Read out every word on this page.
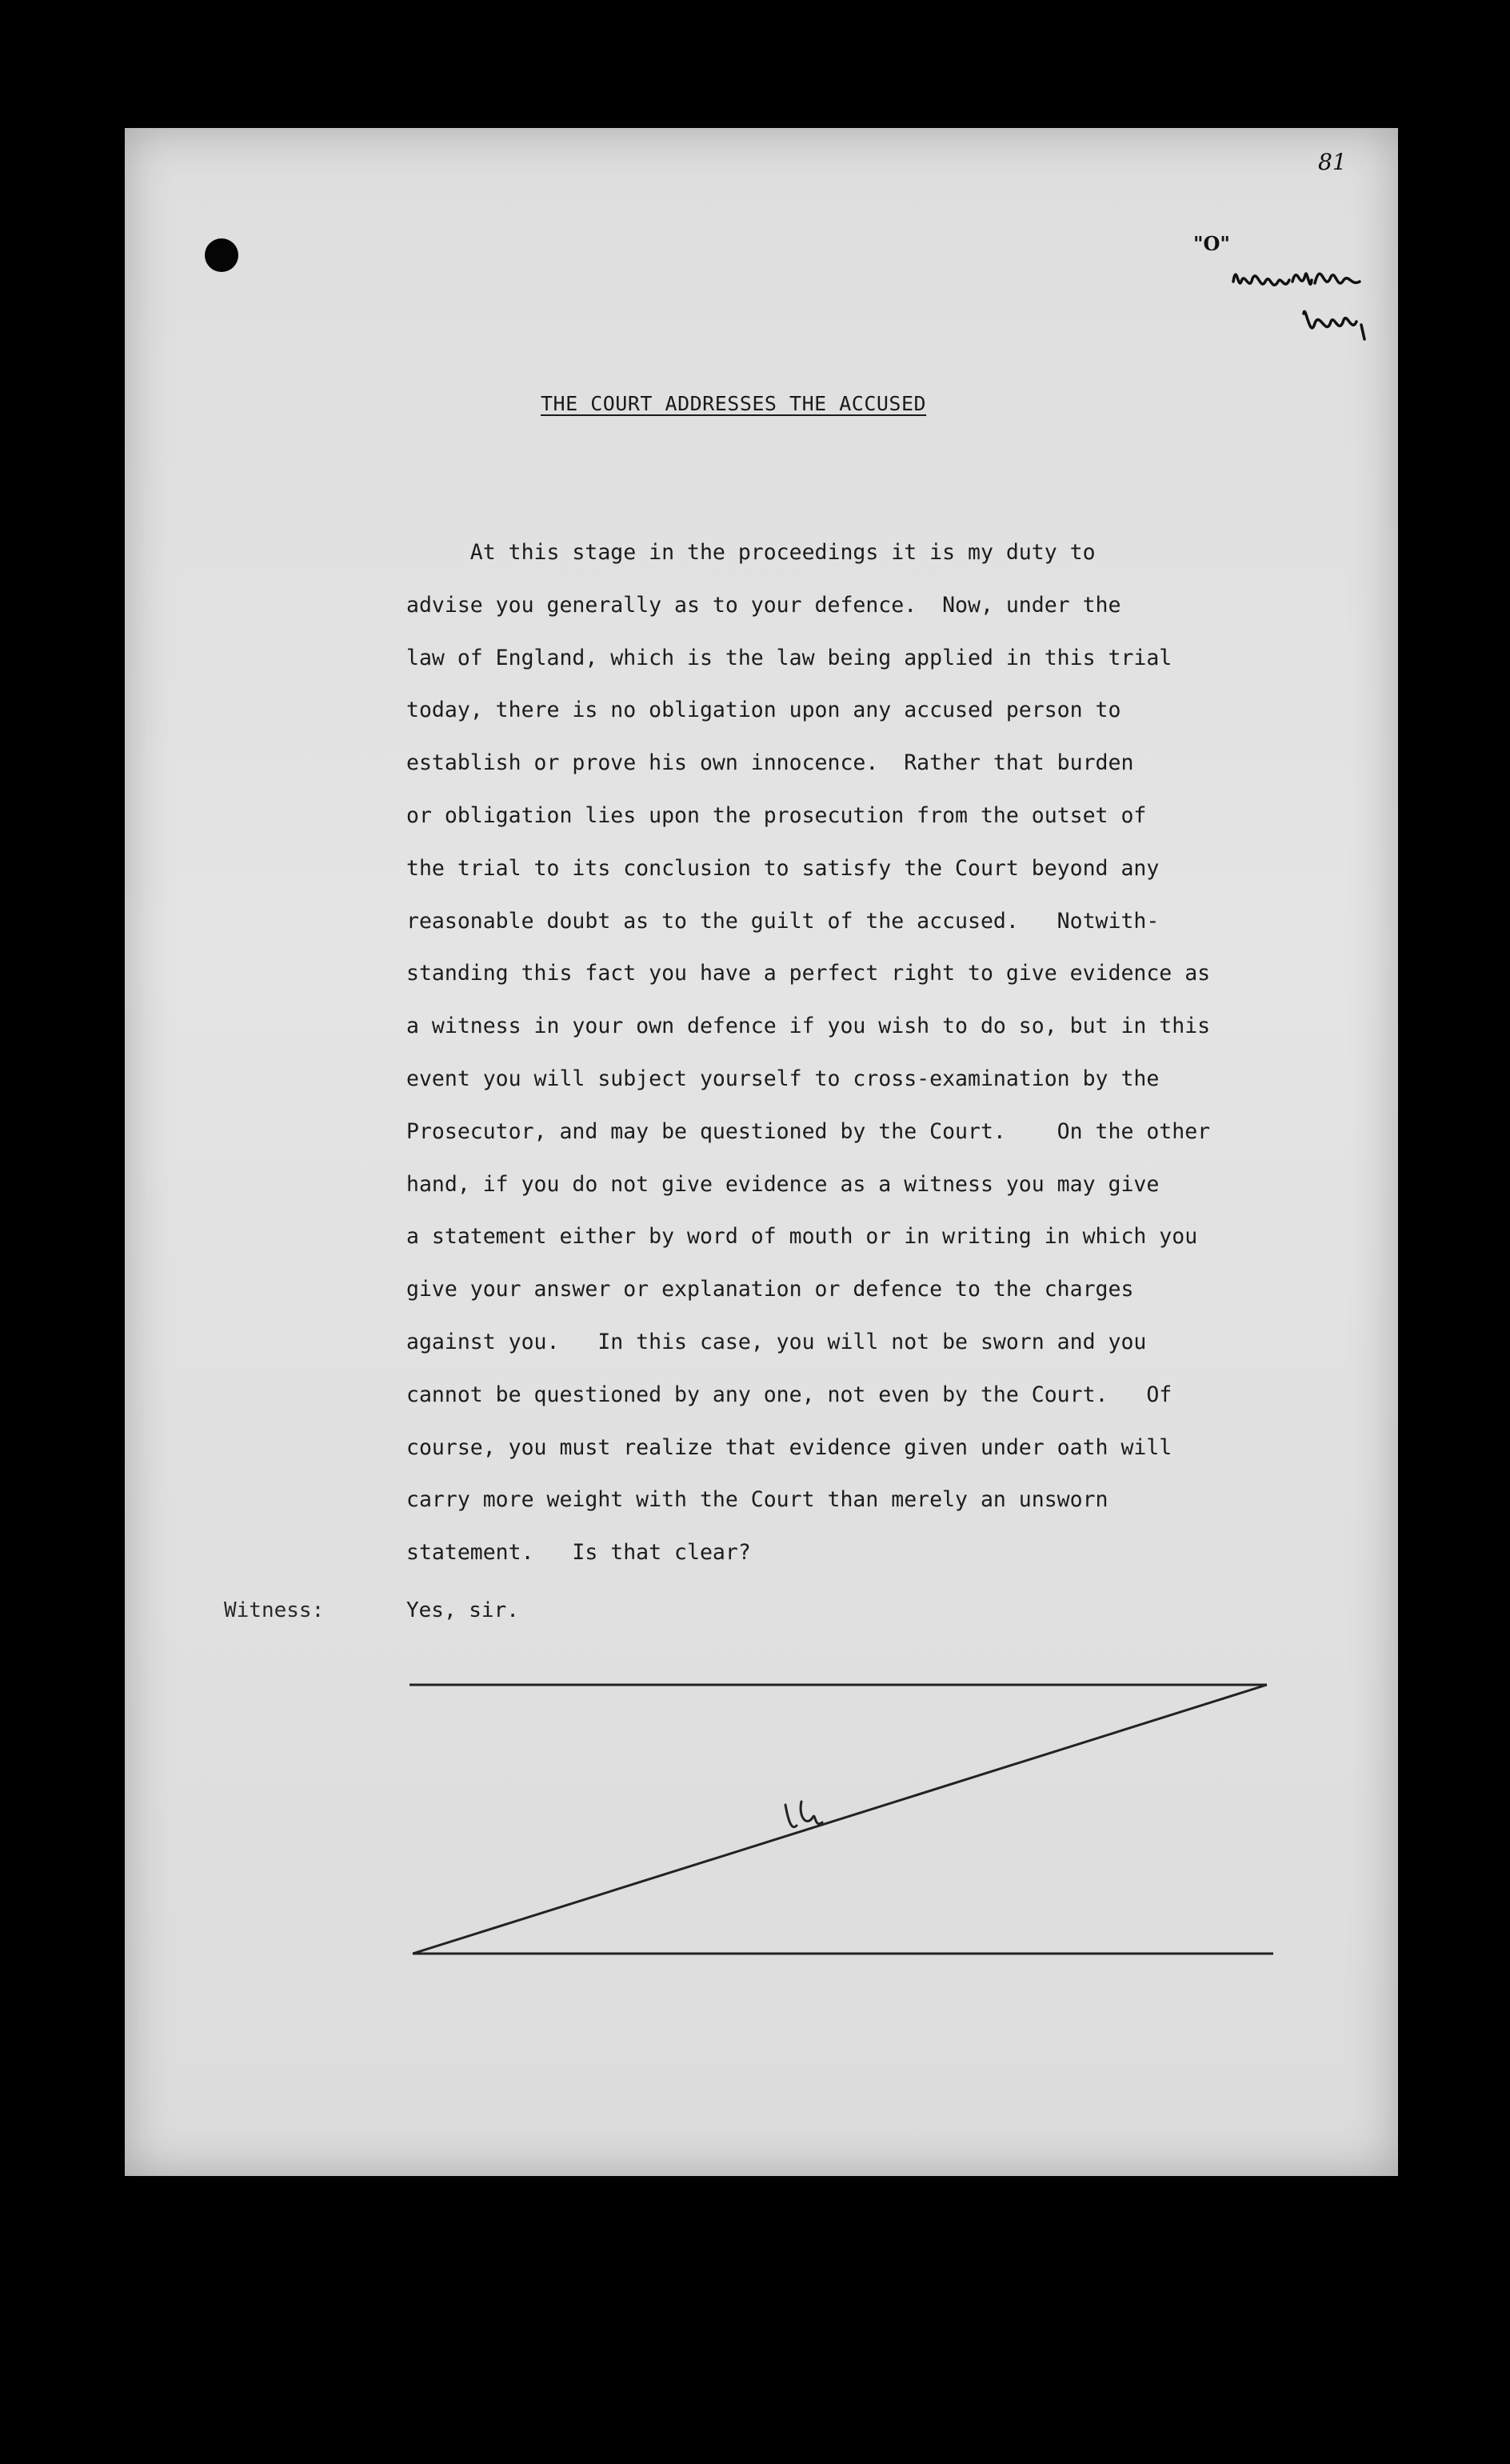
81
"O"
THE COURT ADDRESSES THE ACCUSED
At this stage in the proceedings it is my duty to
advise you generally as to your defence.  Now, under the
law of England, which is the law being applied in this trial
today, there is no obligation upon any accused person to
establish or prove his own innocence.  Rather that burden
or obligation lies upon the prosecution from the outset of
the trial to its conclusion to satisfy the Court beyond any
reasonable doubt as to the guilt of the accused.   Notwith-
standing this fact you have a perfect right to give evidence as
a witness in your own defence if you wish to do so, but in this
event you will subject yourself to cross-examination by the
Prosecutor, and may be questioned by the Court.    On the other
hand, if you do not give evidence as a witness you may give
a statement either by word of mouth or in writing in which you
give your answer or explanation or defence to the charges
against you.   In this case, you will not be sworn and you
cannot be questioned by any one, not even by the Court.   Of
course, you must realize that evidence given under oath will
carry more weight with the Court than merely an unsworn
statement.   Is that clear?
Witness:	Yes, sir.
